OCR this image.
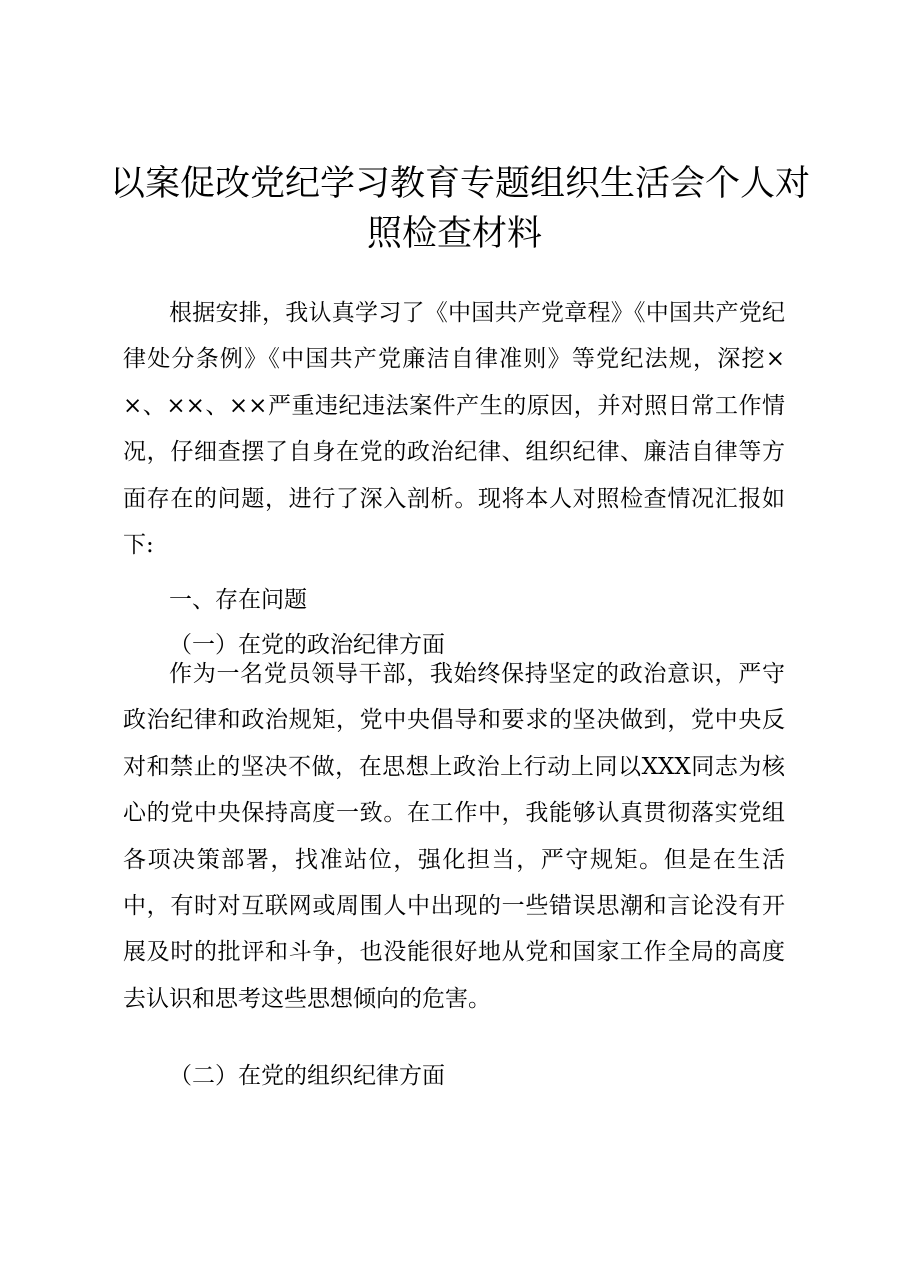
以案促改党纪学习教育专题组织生活会个人对
照检查材料
根据安排，我认真学习了《中国共产党章程》《中国共产党纪律处分条例》《中国共产党廉洁自律准则》等党纪法规，深挖××、××、××严重违纪违法案件产生的原因，并对照日常工作情况，仔细查摆了自身在党的政治纪律、组织纪律、廉洁自律等方面存在的问题，进行了深入剖析。现将本人对照检查情况汇报如下:
一、存在问题
（一）在党的政治纪律方面
作为一名党员领导干部，我始终保持坚定的政治意识，严守政治纪律和政治规矩，党中央倡导和要求的坚决做到，党中央反对和禁止的坚决不做，在思想上政治上行动上同以XXX同志为核心的党中央保持高度一致。在工作中，我能够认真贯彻落实党组各项决策部署，找准站位，强化担当，严守规矩。但是在生活中，有时对互联网或周围人中出现的一些错误思潮和言论没有开展及时的批评和斗争，也没能很好地从党和国家工作全局的高度去认识和思考这些思想倾向的危害。
（二）在党的组织纪律方面
